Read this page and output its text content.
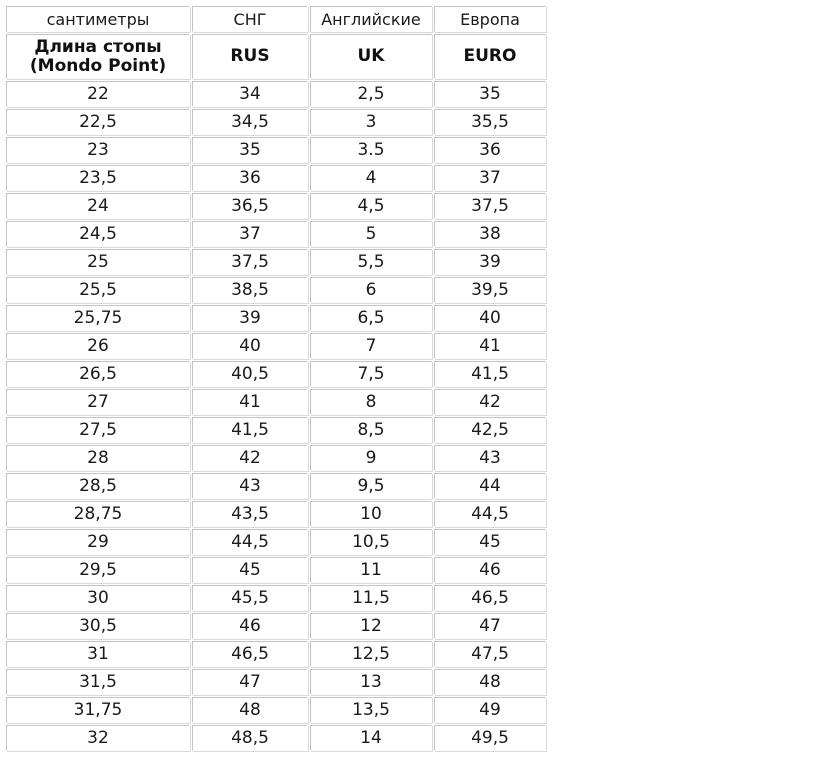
сантиметры	СНГ	Английские	Европа
Длина стопы
(Mondo Point)	RUS	UK	EURO
22	34	2,5	35
22,5	34,5	3	35,5
23	35	3.5	36
23,5	36	4	37
24	36,5	4,5	37,5
24,5	37	5	38
25	37,5	5,5	39
25,5	38,5	6	39,5
25,75	39	6,5	40
26	40	7	41
26,5	40,5	7,5	41,5
27	41	8	42
27,5	41,5	8,5	42,5
28	42	9	43
28,5	43	9,5	44
28,75	43,5	10	44,5
29	44,5	10,5	45
29,5	45	11	46
30	45,5	11,5	46,5
30,5	46	12	47
31	46,5	12,5	47,5
31,5	47	13	48
31,75	48	13,5	49
32	48,5	14	49,5
